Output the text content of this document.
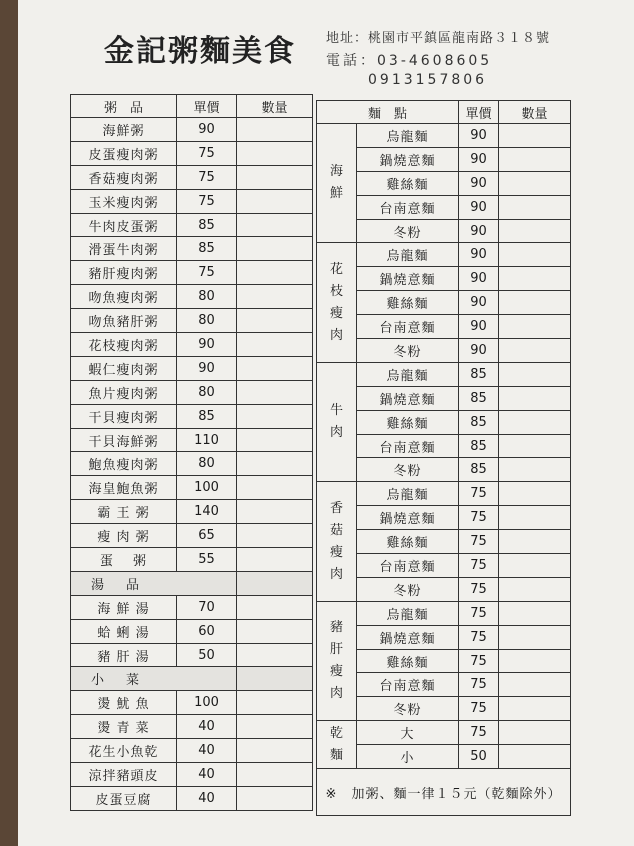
金記粥麵美食 地址：桃園市平鎮區龍南路３１８號
電話：03-4608605
0913157806
粥　品	單價	數量
海鮮粥	90	
皮蛋瘦肉粥	75	
香菇瘦肉粥	75	
玉米瘦肉粥	75	
牛肉皮蛋粥	85	
滑蛋牛肉粥	85	
豬肝瘦肉粥	75	
吻魚瘦肉粥	80	
吻魚豬肝粥	80	
花枝瘦肉粥	90	
蝦仁瘦肉粥	90	
魚片瘦肉粥	80	
干貝瘦肉粥	85	
干貝海鮮粥	110	
鮑魚瘦肉粥	80	
海皇鮑魚粥	100	
霸 王 粥	140	
瘦 肉 粥	65	
蛋　 粥	55	
湯品		
海 鮮 湯	70	
蛤 蜊 湯	60	
豬 肝 湯	50	
小菜		
燙 魷 魚	100	
燙 青 菜	40	
花生小魚乾	40	
涼拌豬頭皮	40	
皮蛋豆腐	40	
麵　點		單價	數量

海
鮮	烏龍麵	90	
	鍋燒意麵	90	
	雞絲麵	90	
	台南意麵	90	
	冬粉	90	

花
枝
瘦
肉	烏龍麵	90	
	鍋燒意麵	90	
	雞絲麵	90	
	台南意麵	90	
	冬粉	90	

牛
肉	烏龍麵	85	
	鍋燒意麵	85	
	雞絲麵	85	
	台南意麵	85	
	冬粉	85	

香
菇
瘦
肉	烏龍麵	75	
	鍋燒意麵	75	
	雞絲麵	75	
	台南意麵	75	
	冬粉	75	

豬
肝
瘦
肉	烏龍麵	75	
	鍋燒意麵	75	
	雞絲麵	75	
	台南意麵	75	
	冬粉	75	

乾
麵	大	75	
	小	50	
※　加粥、麵一律１５元（乾麵除外）			
